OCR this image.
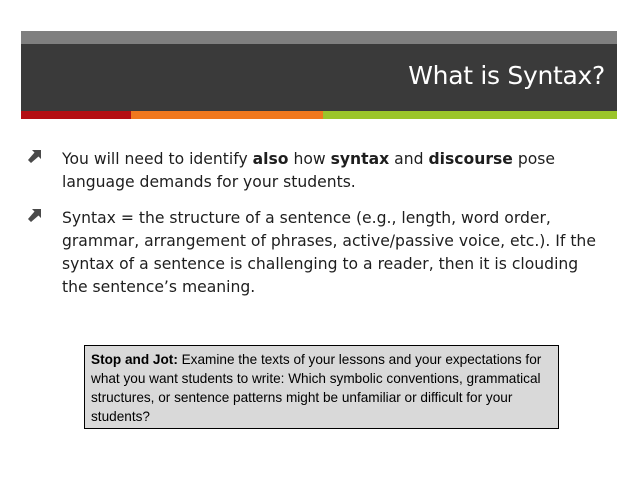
What is Syntax?
You will need to identify also how syntax and discourse pose language demands for your students.
Syntax = the structure of a sentence (e.g., length, word order, grammar, arrangement of phrases, active/passive voice, etc.). If the syntax of a sentence is challenging to a reader, then it is clouding the sentence’s meaning.
Stop and Jot: Examine the texts of your lessons and your expectations for what you want students to write: Which symbolic conventions, grammatical structures, or sentence patterns might be unfamiliar or difficult for your students?
